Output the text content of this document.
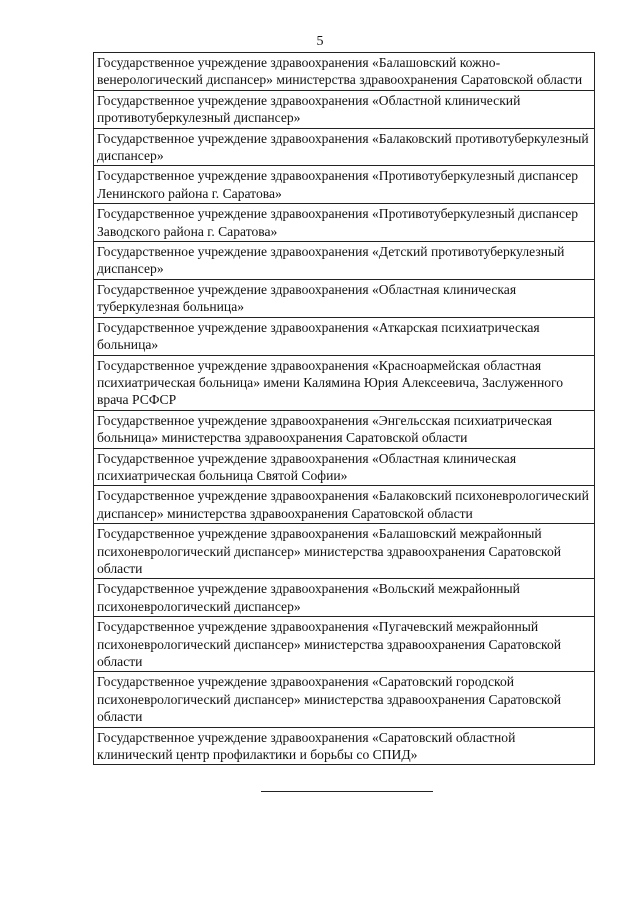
5
Государственное учреждение здравоохранения «Балашовский кожно-венерологический диспансер» министерства здравоохранения Саратовской области
Государственное учреждение здравоохранения «Областной клинический противотуберкулезный диспансер»
Государственное учреждение здравоохранения «Балаковский противотуберкулезный диспансер»
Государственное учреждение здравоохранения «Противотуберкулезный диспансер Ленинского района г. Саратова»
Государственное учреждение здравоохранения «Противотуберкулезный диспансер Заводского района г. Саратова»
Государственное учреждение здравоохранения «Детский противотуберкулезный диспансер»
Государственное учреждение здравоохранения «Областная клиническая туберкулезная больница»
Государственное учреждение здравоохранения «Аткарская психиатрическая больница»
Государственное учреждение здравоохранения «Красноармейская областная психиатрическая больница» имени Калямина Юрия Алексеевича, Заслуженного врача РСФСР
Государственное учреждение здравоохранения «Энгельсская психиатрическая больница» министерства здравоохранения Саратовской области
Государственное учреждение здравоохранения «Областная клиническая психиатрическая больница Святой Софии»
Государственное учреждение здравоохранения «Балаковский психоневрологический диспансер» министерства здравоохранения Саратовской области
Государственное учреждение здравоохранения «Балашовский межрайонный психоневрологический диспансер» министерства здравоохранения Саратовской области
Государственное учреждение здравоохранения «Вольский межрайонный психоневрологический диспансер»
Государственное учреждение здравоохранения «Пугачевский межрайонный психоневрологический диспансер» министерства здравоохранения Саратовской области
Государственное учреждение здравоохранения «Саратовский городской психоневрологический диспансер» министерства здравоохранения Саратовской области
Государственное учреждение здравоохранения «Саратовский областной клинический центр профилактики и борьбы со СПИД»
